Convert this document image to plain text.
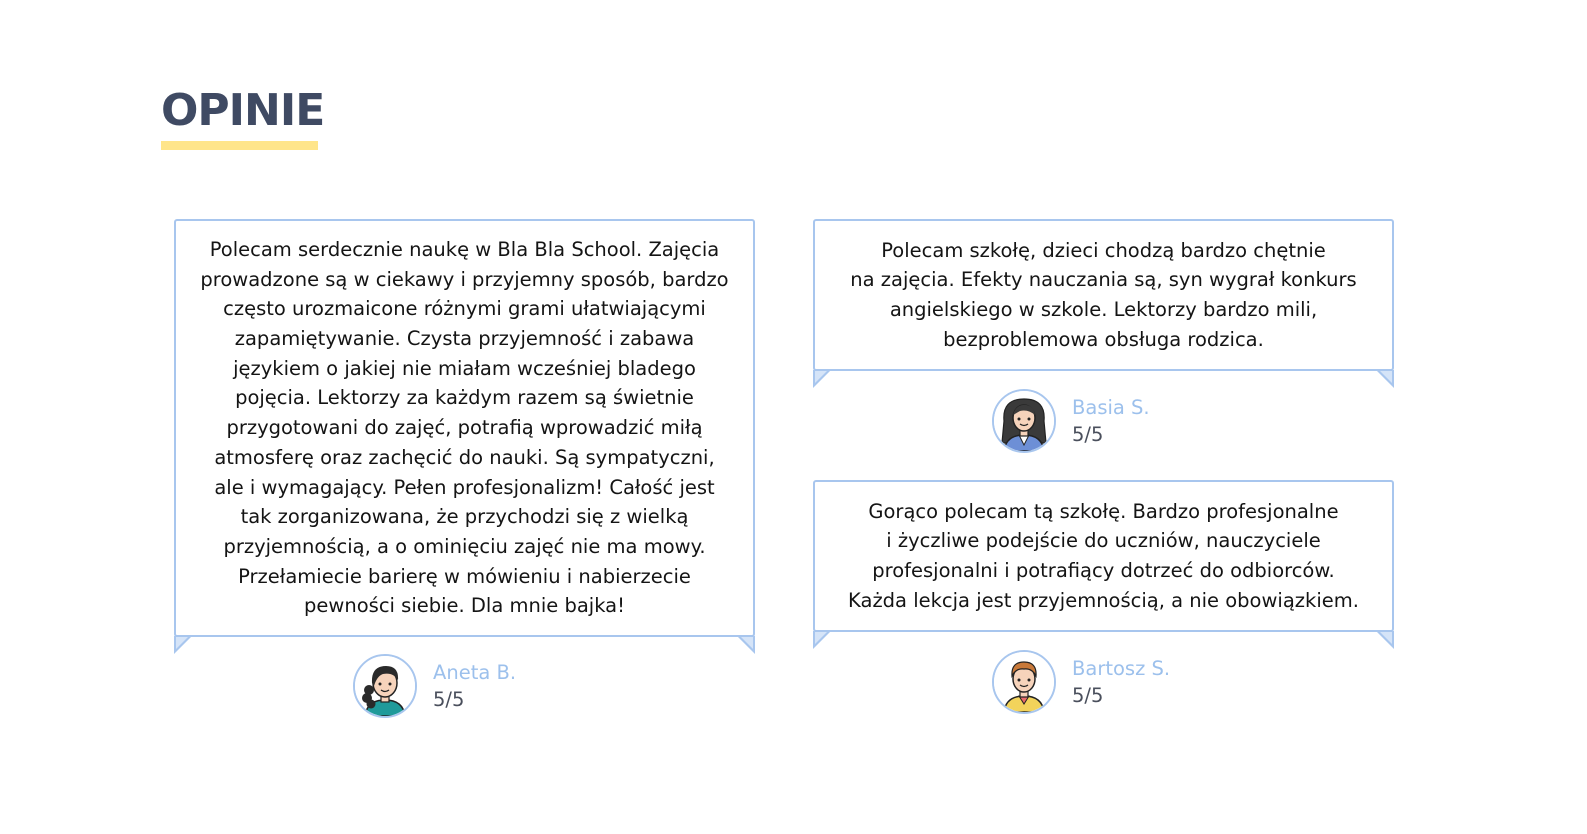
OPINIE
Polecam serdecznie naukę w Bla Bla School. Zajęcia
prowadzone są w ciekawy i przyjemny sposób, bardzo
często urozmaicone różnymi grami ułatwiającymi
zapamiętywanie. Czysta przyjemność i zabawa
językiem o jakiej nie miałam wcześniej bladego
pojęcia. Lektorzy za każdym razem są świetnie
przygotowani do zajęć, potrafią wprowadzić miłą
atmosferę oraz zachęcić do nauki. Są sympatyczni,
ale i wymagający. Pełen profesjonalizm! Całość jest
tak zorganizowana, że przychodzi się z wielką
przyjemnością, a o ominięciu zajęć nie ma mowy.
Przełamiecie barierę w mówieniu i nabierzecie
pewności siebie. Dla mnie bajka!
Aneta B.
5/5
Polecam szkołę, dzieci chodzą bardzo chętnie
na zajęcia. Efekty nauczania są, syn wygrał konkurs
angielskiego w szkole. Lektorzy bardzo mili,
bezproblemowa obsługa rodzica.
Basia S.
5/5
Gorąco polecam tą szkołę. Bardzo profesjonalne
i życzliwe podejście do uczniów, nauczyciele
profesjonalni i potrafiący dotrzeć do odbiorców.
Każda lekcja jest przyjemnością, a nie obowiązkiem.
Bartosz S.
5/5
